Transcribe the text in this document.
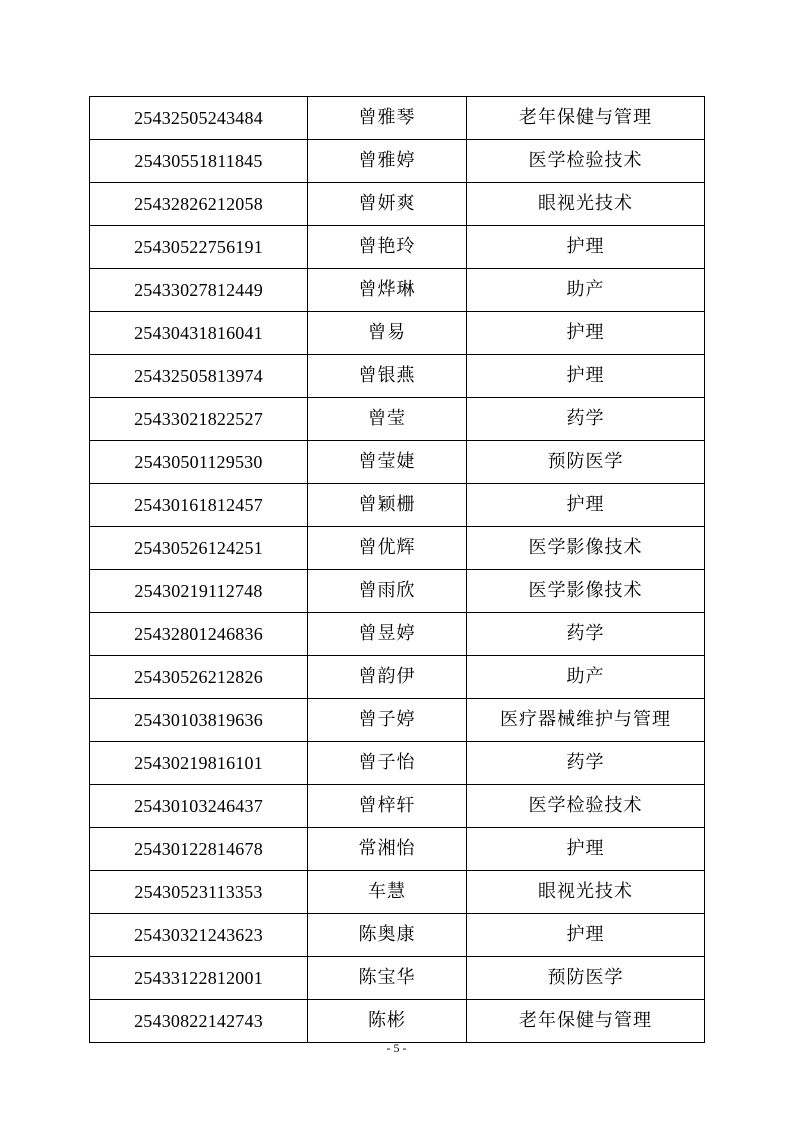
25432505243484	曾雅琴	老年保健与管理
25430551811845	曾雅婷	医学检验技术
25432826212058	曾妍爽	眼视光技术
25430522756191	曾艳玲	护理
25433027812449	曾烨琳	助产
25430431816041	曾易	护理
25432505813974	曾银燕	护理
25433021822527	曾莹	药学
25430501129530	曾莹婕	预防医学
25430161812457	曾颖栅	护理
25430526124251	曾优辉	医学影像技术
25430219112748	曾雨欣	医学影像技术
25432801246836	曾昱婷	药学
25430526212826	曾韵伊	助产
25430103819636	曾子婷	医疗器械维护与管理
25430219816101	曾子怡	药学
25430103246437	曾梓轩	医学检验技术
25430122814678	常湘怡	护理
25430523113353	车慧	眼视光技术
25430321243623	陈奥康	护理
25433122812001	陈宝华	预防医学
25430822142743	陈彬	老年保健与管理
- 5 -
